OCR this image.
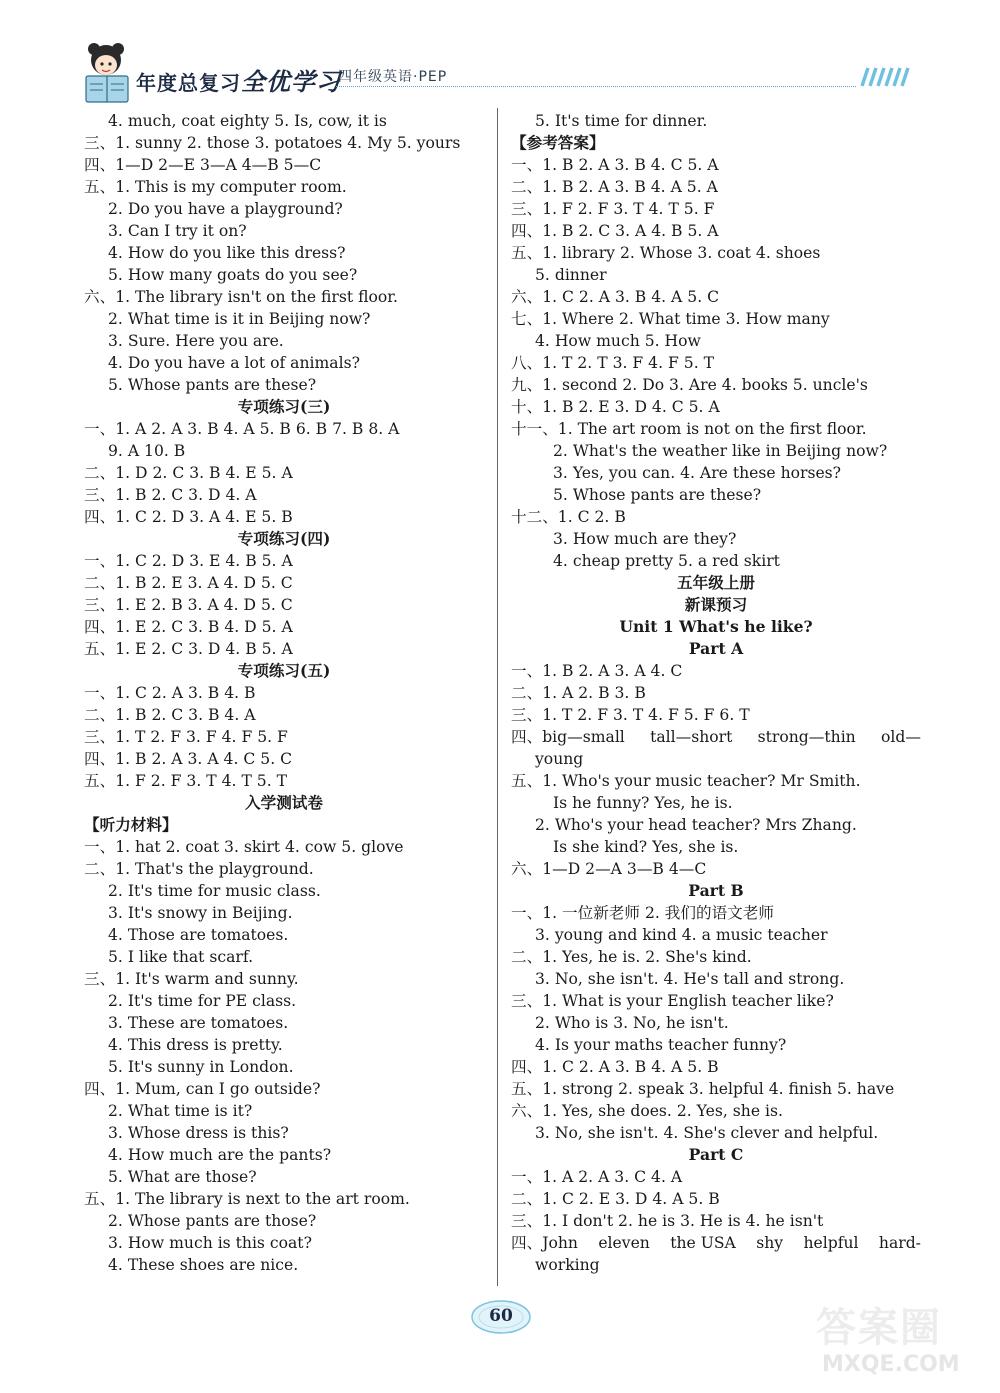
年度总复习全优学习
四年级英语·PEP
4. much, coat eighty 5. Is, cow, it is
三、1. sunny 2. those 3. potatoes 4. My 5. yours
四、1—D 2—E 3—A 4—B 5—C
五、1. This is my computer room.
2. Do you have a playground?
3. Can I try it on?
4. How do you like this dress?
5. How many goats do you see?
六、1. The library isn't on the first floor.
2. What time is it in Beijing now?
3. Sure. Here you are.
4. Do you have a lot of animals?
5. Whose pants are these?
专项练习(三)
一、1. A 2. A 3. B 4. A 5. B 6. B 7. B 8. A
9. A 10. B
二、1. D 2. C 3. B 4. E 5. A
三、1. B 2. C 3. D 4. A
四、1. C 2. D 3. A 4. E 5. B
专项练习(四)
一、1. C 2. D 3. E 4. B 5. A
二、1. B 2. E 3. A 4. D 5. C
三、1. E 2. B 3. A 4. D 5. C
四、1. E 2. C 3. B 4. D 5. A
五、1. E 2. C 3. D 4. B 5. A
专项练习(五)
一、1. C 2. A 3. B 4. B
二、1. B 2. C 3. B 4. A
三、1. T 2. F 3. F 4. F 5. F
四、1. B 2. A 3. A 4. C 5. C
五、1. F 2. F 3. T 4. T 5. T
入学测试卷
【听力材料】
一、1. hat 2. coat 3. skirt 4. cow 5. glove
二、1. That's the playground.
2. It's time for music class.
3. It's snowy in Beijing.
4. Those are tomatoes.
5. I like that scarf.
三、1. It's warm and sunny.
2. It's time for PE class.
3. These are tomatoes.
4. This dress is pretty.
5. It's sunny in London.
四、1. Mum, can I go outside?
2. What time is it?
3. Whose dress is this?
4. How much are the pants?
5. What are those?
五、1. The library is next to the art room.
2. Whose pants are those?
3. How much is this coat?
4. These shoes are nice.
5. It's time for dinner.
【参考答案】
一、1. B 2. A 3. B 4. C 5. A
二、1. B 2. A 3. B 4. A 5. A
三、1. F 2. F 3. T 4. T 5. F
四、1. B 2. C 3. A 4. B 5. A
五、1. library 2. Whose 3. coat 4. shoes
5. dinner
六、1. C 2. A 3. B 4. A 5. C
七、1. Where 2. What time 3. How many
4. How much 5. How
八、1. T 2. T 3. F 4. F 5. T
九、1. second 2. Do 3. Are 4. books 5. uncle's
十、1. B 2. E 3. D 4. C 5. A
十一、1. The art room is not on the first floor.
2. What's the weather like in Beijing now?
3. Yes, you can. 4. Are these horses?
5. Whose pants are these?
十二、1. C 2. B
3. How much are they?
4. cheap pretty 5. a red skirt
五年级上册
新课预习
Unit 1 What's he like?
Part A
一、1. B 2. A 3. A 4. C
二、1. A 2. B 3. B
三、1. T 2. F 3. T 4. F 5. F 6. T
四、big—small tall—short strong—thin old—
young
五、1. Who's your music teacher? Mr Smith.
Is he funny? Yes, he is.
2. Who's your head teacher? Mrs Zhang.
Is she kind? Yes, she is.
六、1—D 2—A 3—B 4—C
Part B
一、1. 一位新老师 2. 我们的语文老师
3. young and kind 4. a music teacher
二、1. Yes, he is. 2. She's kind.
3. No, she isn't. 4. He's tall and strong.
三、1. What is your English teacher like?
2. Who is 3. No, he isn't.
4. Is your maths teacher funny?
四、1. C 2. A 3. B 4. A 5. B
五、1. strong 2. speak 3. helpful 4. finish 5. have
六、1. Yes, she does. 2. Yes, she is.
3. No, she isn't. 4. She's clever and helpful.
Part C
一、1. A 2. A 3. C 4. A
二、1. C 2. E 3. D 4. A 5. B
三、1. I don't 2. he is 3. He is 4. he isn't
四、John eleven the USA shy helpful hard-
working
60	答案圈
MXQE.COM
